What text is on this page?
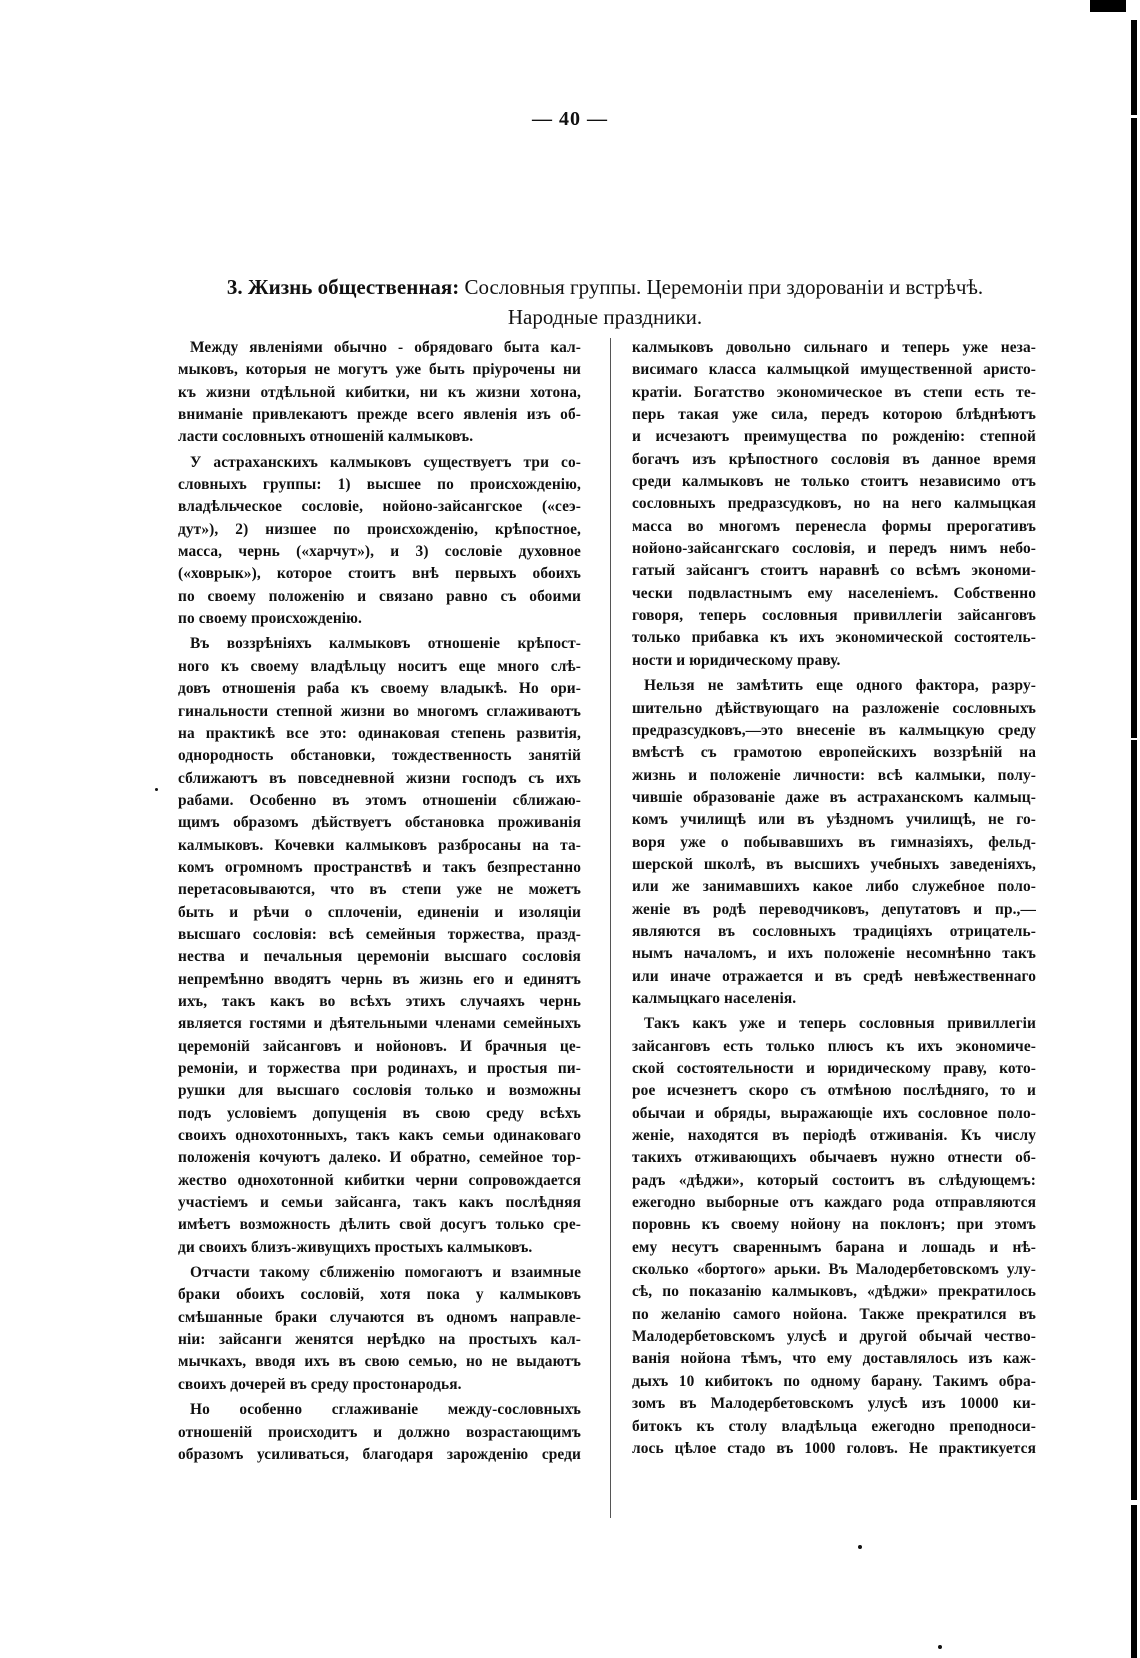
— 40 —
3. Жизнь общественная: Сословныя группы. Церемоніи при здорованіи и встрѣчѣ.
Народные праздники.
Между явленіями обычно - обрядоваго быта кал-
мыковъ, которыя не могутъ уже быть пріурочены ни
къ жизни отдѣльной кибитки, ни къ жизни хотона,
вниманіе привлекаютъ прежде всего явленія изъ об-
ласти сословныхъ отношеній калмыковъ.
У астраханскихъ калмыковъ существуетъ три со-
словныхъ группы: 1) высшее по происхожденію,
владѣльческое сословіе, нойоно-зайсангское («сеэ-
дут»), 2) низшее по происхожденію, крѣпостное,
масса, чернь («харчут»), и 3) сословіе духовное
(«ховрык»), которое стоитъ внѣ первыхъ обоихъ
по своему положенію и связано равно съ обоими
по своему происхожденію.
Въ воззрѣніяхъ калмыковъ отношеніе крѣпост-
ного къ своему владѣльцу носитъ еще много слѣ-
довъ отношенія раба къ своему владыкѣ. Но ори-
гинальности степной жизни во многомъ сглаживаютъ
на практикѣ все это: одинаковая степень развитія,
однородность обстановки, тождественность занятій
сближаютъ въ повседневной жизни господъ съ ихъ
рабами. Особенно въ этомъ отношеніи сближаю-
щимъ образомъ дѣйствуетъ обстановка проживанія
калмыковъ. Кочевки калмыковъ разбросаны на та-
комъ огромномъ пространствѣ и такъ безпрестанно
перетасовываются, что въ степи уже не можетъ
быть и рѣчи о сплоченіи, единеніи и изоляціи
высшаго сословія: всѣ семейныя торжества, празд-
нества и печальныя церемоніи высшаго сословія
непремѣнно вводятъ чернь въ жизнь его и единятъ
ихъ, такъ какъ во всѣхъ этихъ случаяхъ чернь
является гостями и дѣятельными членами семейныхъ
церемоній зайсанговъ и нойоновъ. И брачныя це-
ремоніи, и торжества при родинахъ, и простыя пи-
рушки для высшаго сословія только и возможны
подъ условіемъ допущенія въ свою среду всѣхъ
своихъ однохотонныхъ, такъ какъ семьи одинаковаго
положенія кочуютъ далеко. И обратно, семейное тор-
жество однохотонной кибитки черни сопровождается
участіемъ и семьи зайсанга, такъ какъ послѣдняя
имѣетъ возможность дѣлить свой досугъ только сре-
ди своихъ близъ-живущихъ простыхъ калмыковъ.
Отчасти такому сближенію помогаютъ и взаимные
браки обоихъ сословій, хотя пока у калмыковъ
смѣшанные браки случаются въ одномъ направле-
ніи: зайсанги женятся нерѣдко на простыхъ кал-
мычкахъ, вводя ихъ въ свою семью, но не выдаютъ
своихъ дочерей въ среду простонародья.
Но особенно сглаживаніе между-сословныхъ
отношеній происходитъ и должно возрастающимъ
образомъ усиливаться, благодаря зарожденію среди
калмыковъ довольно сильнаго и теперь уже неза-
висимаго класса калмыцкой имущественной аристо-
кратіи. Богатство экономическое въ степи есть те-
перь такая уже сила, передъ которою блѣднѣютъ
и исчезаютъ преимущества по рожденію: степной
богачъ изъ крѣпостного сословія въ данное время
среди калмыковъ не только стоитъ независимо отъ
сословныхъ предразсудковъ, но на него калмыцкая
масса во многомъ перенесла формы прерогативъ
нойоно-зайсангскаго сословія, и передъ нимъ небо-
гатый зайсангъ стоитъ наравнѣ со всѣмъ экономи-
чески подвластнымъ ему населеніемъ. Собственно
говоря, теперь сословныя привиллегіи зайсанговъ
только прибавка къ ихъ экономической состоятель-
ности и юридическому праву.
Нельзя не замѣтить еще одного фактора, разру-
шительно дѣйствующаго на разложеніе сословныхъ
предразсудковъ,—это внесеніе въ калмыцкую среду
вмѣстѣ съ грамотою европейскихъ воззрѣній на
жизнь и положеніе личности: всѣ калмыки, полу-
чившіе образованіе даже въ астраханскомъ калмыц-
комъ училищѣ или въ уѣздномъ училищѣ, не го-
воря уже о побывавшихъ въ гимназіяхъ, фельд-
шерской школѣ, въ высшихъ учебныхъ заведеніяхъ,
или же занимавшихъ какое либо служебное поло-
женіе въ родѣ переводчиковъ, депутатовъ и пр.,—
являются въ сословныхъ традиціяхъ отрицатель-
нымъ началомъ, и ихъ положеніе несомнѣнно такъ
или иначе отражается и въ средѣ невѣжественнаго
калмыцкаго населенія.
Такъ какъ уже и теперь сословныя привиллегіи
зайсанговъ есть только плюсъ къ ихъ экономиче-
ской состоятельности и юридическому праву, кото-
рое исчезнетъ скоро съ отмѣною послѣдняго, то и
обычаи и обряды, выражающіе ихъ сословное поло-
женіе, находятся въ періодѣ отживанія. Къ числу
такихъ отживающихъ обычаевъ нужно отнести об-
радъ «дѣджи», который состоитъ въ слѣдующемъ:
ежегодно выборные отъ каждаго рода отправляются
поровнь къ своему нойону на поклонъ; при этомъ
ему несутъ свареннымъ барана и лошадь и нѣ-
сколько «бортого» арьки. Въ Малодербетовскомъ улу-
сѣ, по показанію калмыковъ, «дѣджи» прекратилось
по желанію самого нойона. Также прекратился въ
Малодербетовскомъ улусѣ и другой обычай чество-
ванія нойона тѣмъ, что ему доставлялось изъ каж-
дыхъ 10 кибитокъ по одному барану. Такимъ обра-
зомъ въ Малодербетовскомъ улусѣ изъ 10000 ки-
битокъ къ столу владѣльца ежегодно преподноси-
лось цѣлое стадо въ 1000 головъ. Не практикуется
